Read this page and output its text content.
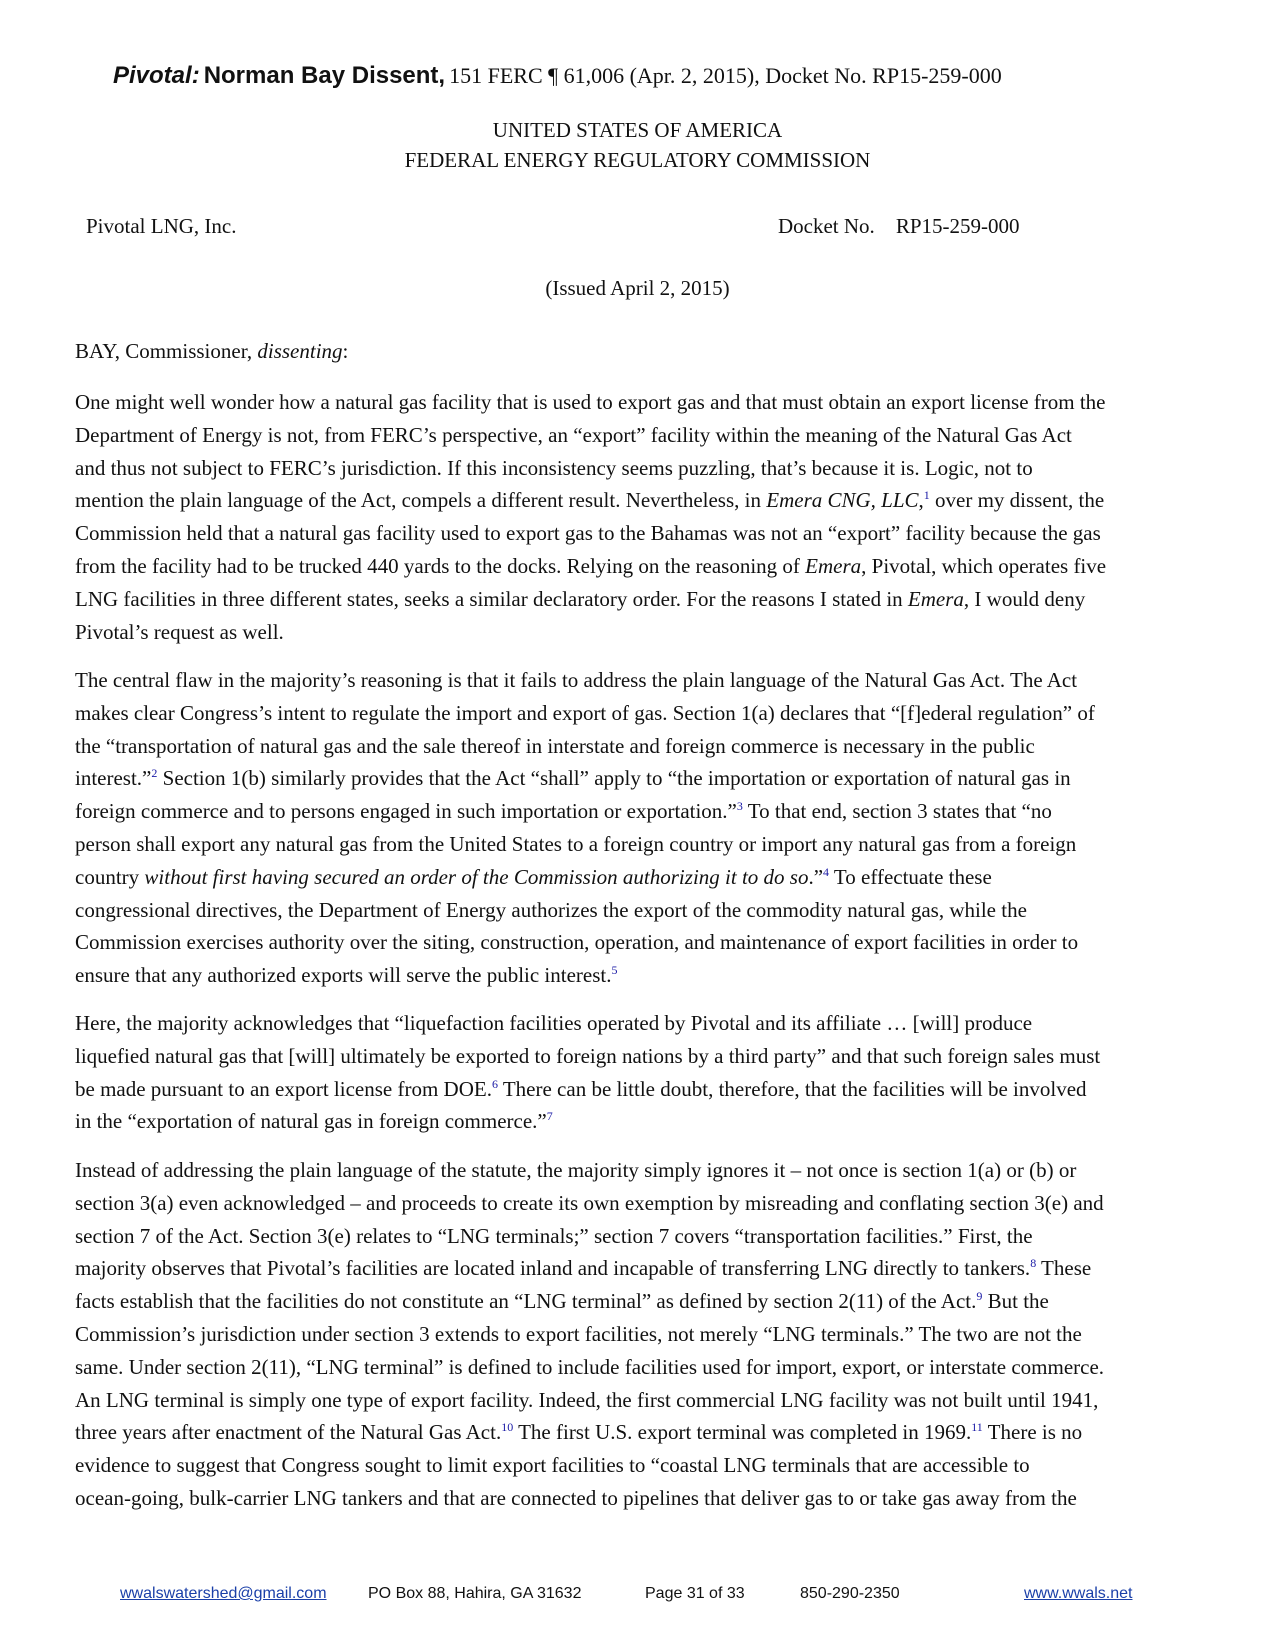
Pivotal: Norman Bay Dissent, 151 FERC ¶ 61,006 (Apr. 2, 2015), Docket No. RP15-259-000
UNITED STATES OF AMERICA
FEDERAL ENERGY REGULATORY COMMISSION
Pivotal LNG, Inc.	Docket No. RP15-259-000
(Issued April 2, 2015)
BAY, Commissioner, dissenting:
One might well wonder how a natural gas facility that is used to export gas and that must obtain an export license from the
Department of Energy is not, from FERC’s perspective, an “export” facility within the meaning of the Natural Gas Act
and thus not subject to FERC’s jurisdiction. If this inconsistency seems puzzling, that’s because it is. Logic, not to
mention the plain language of the Act, compels a different result. Nevertheless, in Emera CNG, LLC,$^1$ over my dissent, the
Commission held that a natural gas facility used to export gas to the Bahamas was not an “export” facility because the gas
from the facility had to be trucked 440 yards to the docks. Relying on the reasoning of Emera, Pivotal, which operates five
LNG facilities in three different states, seeks a similar declaratory order. For the reasons I stated in Emera, I would deny
Pivotal’s request as well.
The central flaw in the majority’s reasoning is that it fails to address the plain language of the Natural Gas Act. The Act
makes clear Congress’s intent to regulate the import and export of gas. Section 1(a) declares that “[f]ederal regulation” of
the “transportation of natural gas and the sale thereof in interstate and foreign commerce is necessary in the public
interest.”$^2$ Section 1(b) similarly provides that the Act “shall” apply to “the importation or exportation of natural gas in
foreign commerce and to persons engaged in such importation or exportation.”$^3$ To that end, section 3 states that “no
person shall export any natural gas from the United States to a foreign country or import any natural gas from a foreign
country without first having secured an order of the Commission authorizing it to do so.”$^4$ To effectuate these
congressional directives, the Department of Energy authorizes the export of the commodity natural gas, while the
Commission exercises authority over the siting, construction, operation, and maintenance of export facilities in order to
ensure that any authorized exports will serve the public interest.$^5$
Here, the majority acknowledges that “liquefaction facilities operated by Pivotal and its affiliate … [will] produce
liquefied natural gas that [will] ultimately be exported to foreign nations by a third party” and that such foreign sales must
be made pursuant to an export license from DOE.$^6$ There can be little doubt, therefore, that the facilities will be involved
in the “exportation of natural gas in foreign commerce.”$^7$
Instead of addressing the plain language of the statute, the majority simply ignores it – not once is section 1(a) or (b) or
section 3(a) even acknowledged – and proceeds to create its own exemption by misreading and conflating section 3(e) and
section 7 of the Act. Section 3(e) relates to “LNG terminals;” section 7 covers “transportation facilities.” First, the
majority observes that Pivotal’s facilities are located inland and incapable of transferring LNG directly to tankers.$^8$ These
facts establish that the facilities do not constitute an “LNG terminal” as defined by section 2(11) of the Act.$^9$ But the
Commission’s jurisdiction under section 3 extends to export facilities, not merely “LNG terminals.” The two are not the
same. Under section 2(11), “LNG terminal” is defined to include facilities used for import, export, or interstate commerce.
An LNG terminal is simply one type of export facility. Indeed, the first commercial LNG facility was not built until 1941,
three years after enactment of the Natural Gas Act.$^{10}$ The first U.S. export terminal was completed in 1969.11 There is no
evidence to suggest that Congress sought to limit export facilities to “coastal LNG terminals that are accessible to
ocean-going, bulk-carrier LNG tankers and that are connected to pipelines that deliver gas to or take gas away from the
wwalswatershed@gmail.com	PO Box 88, Hahira, GA 31632	Page 31 of 33	850-290-2350	www.wwals.net
